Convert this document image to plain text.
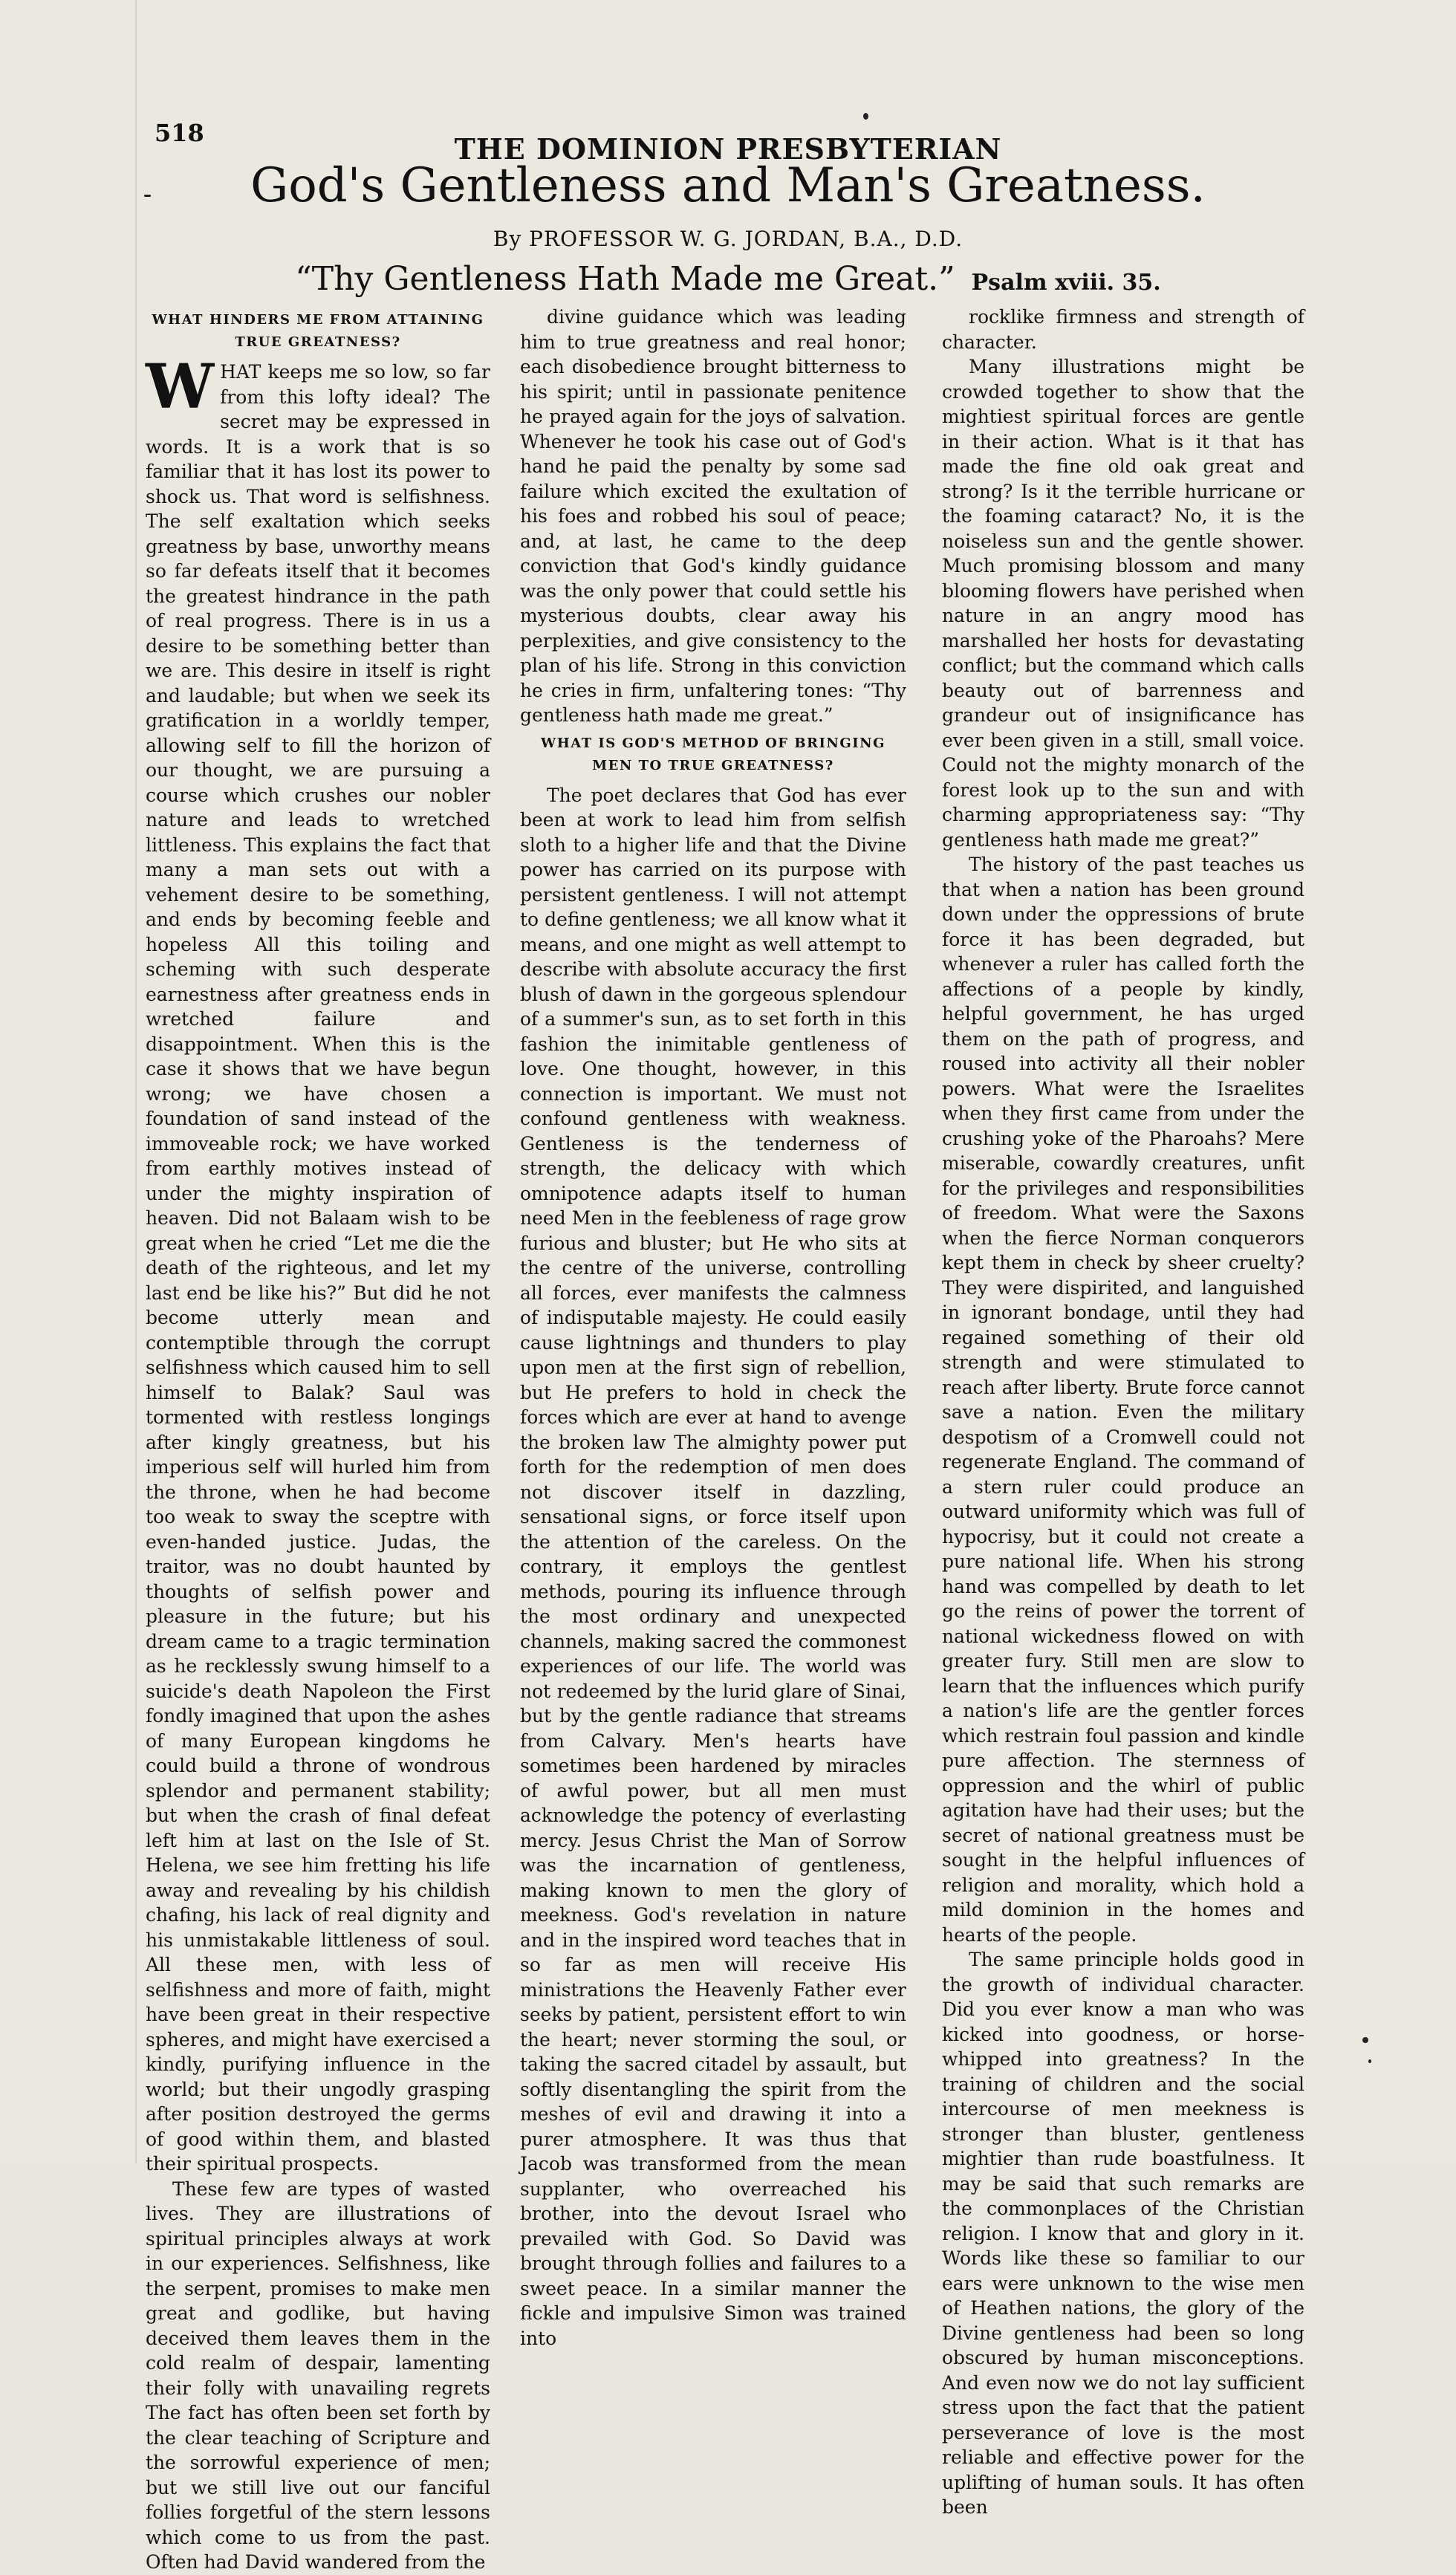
518	THE DOMINION PRESBYTERIAN
God's Gentleness and Man's Greatness.
By PROFESSOR W. G. JORDAN, B.A., D.D.
“Thy Gentleness Hath Made me Great.” Psalm xviii. 35.
WHAT HINDERS ME FROM ATTAINING TRUE GREATNESS?

WHAT keeps me so low, so far from this lofty ideal? The secret may be expressed in words. It is a work that is so familiar that it has lost its power to shock us. That word is selfishness. The self exaltation which seeks greatness by base, unworthy means so far defeats itself that it becomes the greatest hindrance in the path of real progress. There is in us a desire to be something better than we are. This desire in itself is right and laudable; but when we seek its gratification in a worldly temper, allowing self to fill the horizon of our thought, we are pursuing a course which crushes our nobler nature and leads to wretched littleness. This explains the fact that many a man sets out with a vehement desire to be something, and ends by becoming feeble and hopeless All this toiling and scheming with such desperate earnestness after greatness ends in wretched failure and disappointment. When this is the case it shows that we have begun wrong; we have chosen a foundation of sand instead of the immoveable rock; we have worked from earthly motives instead of under the mighty inspiration of heaven. Did not Balaam wish to be great when he cried “Let me die the death of the righteous, and let my last end be like his?” But did he not become utterly mean and contemptible through the corrupt selfishness which caused him to sell himself to Balak? Saul was tormented with restless longings after kingly greatness, but his imperious self will hurled him from the throne, when he had become too weak to sway the sceptre with even-handed justice. Judas, the traitor, was no doubt haunted by thoughts of selfish power and pleasure in the future; but his dream came to a tragic termination as he recklessly swung himself to a suicide's death Napoleon the First fondly imagined that upon the ashes of many European kingdoms he could build a throne of wondrous splendor and permanent stability; but when the crash of final defeat left him at last on the Isle of St. Helena, we see him fretting his life away and revealing by his childish chafing, his lack of real dignity and his unmistakable littleness of soul. All these men, with less of selfishness and more of faith, might have been great in their respective spheres, and might have exercised a kindly, purifying influence in the world; but their ungodly grasping after position destroyed the germs of good within them, and blasted their spiritual prospects.

These few are types of wasted lives. They are illustrations of spiritual principles always at work in our experiences. Selfishness, like the serpent, promises to make men great and godlike, but having deceived them leaves them in the cold realm of despair, lamenting their folly with unavailing regrets The fact has often been set forth by the clear teaching of Scripture and the sorrowful experience of men; but we still live out our fanciful follies forgetful of the stern lessons which come to us from the past. Often had David wandered from the

divine guidance which was leading him to true greatness and real honor; each disobedience brought bitterness to his spirit; until in passionate penitence he prayed again for the joys of salvation. Whenever he took his case out of God's hand he paid the penalty by some sad failure which excited the exultation of his foes and robbed his soul of peace; and, at last, he came to the deep conviction that God's kindly guidance was the only power that could settle his mysterious doubts, clear away his perplexities, and give consistency to the plan of his life. Strong in this conviction he cries in firm, unfaltering tones: “Thy gentleness hath made me great.”

WHAT IS GOD'S METHOD OF BRINGING MEN TO TRUE GREATNESS?

The poet declares that God has ever been at work to lead him from selfish sloth to a higher life and that the Divine power has carried on its purpose with persistent gentleness. I will not attempt to define gentleness; we all know what it means, and one might as well attempt to describe with absolute accuracy the first blush of dawn in the gorgeous splendour of a summer's sun, as to set forth in this fashion the inimitable gentleness of love. One thought, however, in this connection is important. We must not confound gentleness with weakness. Gentleness is the tenderness of strength, the delicacy with which omnipotence adapts itself to human need Men in the feebleness of rage grow furious and bluster; but He who sits at the centre of the universe, controlling all forces, ever manifests the calmness of indisputable majesty. He could easily cause lightnings and thunders to play upon men at the first sign of rebellion, but He prefers to hold in check the forces which are ever at hand to avenge the broken law The almighty power put forth for the redemption of men does not discover itself in dazzling, sensational signs, or force itself upon the attention of the careless. On the contrary, it employs the gentlest methods, pouring its influence through the most ordinary and unexpected channels, making sacred the commonest experiences of our life. The world was not redeemed by the lurid glare of Sinai, but by the gentle radiance that streams from Calvary. Men's hearts have sometimes been hardened by miracles of awful power, but all men must acknowledge the potency of everlasting mercy. Jesus Christ the Man of Sorrow was the incarnation of gentleness, making known to men the glory of meekness. God's revelation in nature and in the inspired word teaches that in so far as men will receive His ministrations the Heavenly Father ever seeks by patient, persistent effort to win the heart; never storming the soul, or taking the sacred citadel by assault, but softly disentangling the spirit from the meshes of evil and drawing it into a purer atmosphere. It was thus that Jacob was transformed from the mean supplanter, who overreached his brother, into the devout Israel who prevailed with God. So David was brought through follies and failures to a sweet peace. In a similar manner the fickle and impulsive Simon was trained into

rocklike firmness and strength of character.

Many illustrations might be crowded together to show that the mightiest spiritual forces are gentle in their action. What is it that has made the fine old oak great and strong? Is it the terrible hurricane or the foaming cataract? No, it is the noiseless sun and the gentle shower. Much promising blossom and many blooming flowers have perished when nature in an angry mood has marshalled her hosts for devastating conflict; but the command which calls beauty out of barrenness and grandeur out of insignificance has ever been given in a still, small voice. Could not the mighty monarch of the forest look up to the sun and with charming appropriateness say: “Thy gentleness hath made me great?”

The history of the past teaches us that when a nation has been ground down under the oppressions of brute force it has been degraded, but whenever a ruler has called forth the affections of a people by kindly, helpful government, he has urged them on the path of progress, and roused into activity all their nobler powers. What were the Israelites when they first came from under the crushing yoke of the Pharoahs? Mere miserable, cowardly creatures, unfit for the privileges and responsibilities of freedom. What were the Saxons when the fierce Norman conquerors kept them in check by sheer cruelty? They were dispirited, and languished in ignorant bondage, until they had regained something of their old strength and were stimulated to reach after liberty. Brute force cannot save a nation. Even the military despotism of a Cromwell could not regenerate England. The command of a stern ruler could produce an outward uniformity which was full of hypocrisy, but it could not create a pure national life. When his strong hand was compelled by death to let go the reins of power the torrent of national wickedness flowed on with greater fury. Still men are slow to learn that the influences which purify a nation's life are the gentler forces which restrain foul passion and kindle pure affection. The sternness of oppression and the whirl of public agitation have had their uses; but the secret of national greatness must be sought in the helpful influences of religion and morality, which hold a mild dominion in the homes and hearts of the people.

The same principle holds good in the growth of individual character. Did you ever know a man who was kicked into goodness, or horse-whipped into greatness? In the training of children and the social intercourse of men meekness is stronger than bluster, gentleness mightier than rude boastfulness. It may be said that such remarks are the commonplaces of the Christian religion. I know that and glory in it. Words like these so familiar to our ears were unknown to the wise men of Heathen nations, the glory of the Divine gentleness had been so long obscured by human misconceptions. And even now we do not lay sufficient stress upon the fact that the patient perseverance of love is the most reliable and effective power for the uplifting of human souls. It has often been
